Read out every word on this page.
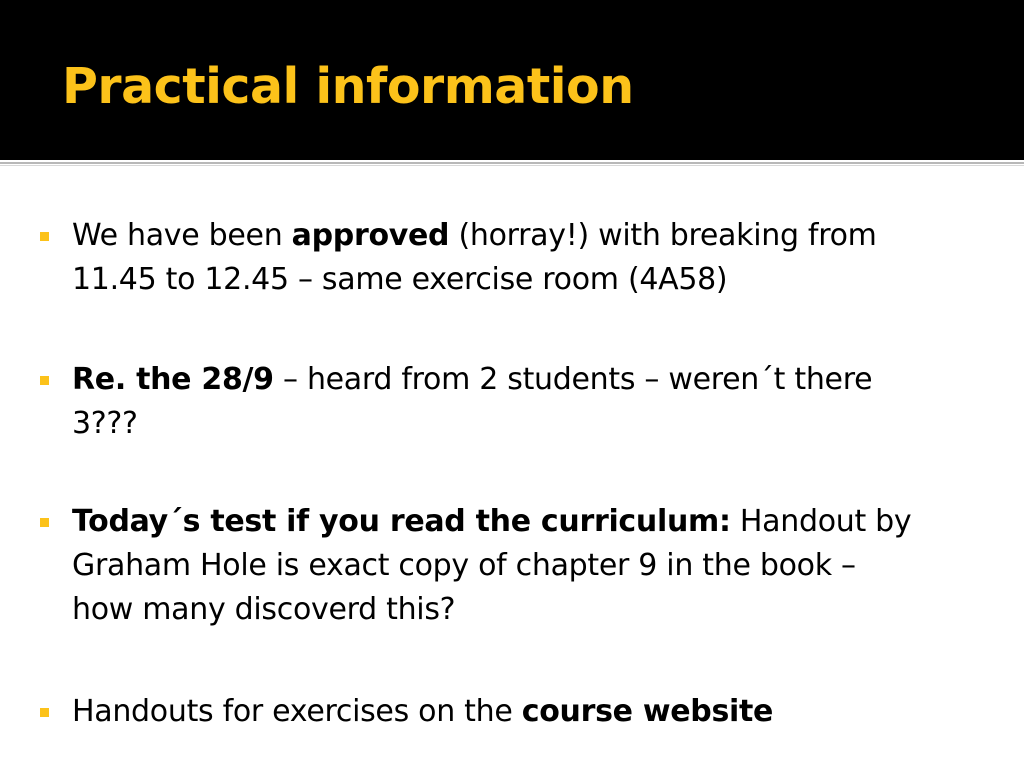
Practical information
We have been approved (horray!) with breaking from
11.45 to 12.45 – same exercise room (4A58)
Re. the 28/9 – heard from 2 students – weren´t there
3???
Today´s test if you read the curriculum: Handout by
Graham Hole is exact copy of chapter 9 in the book –
how many discoverd this?
Handouts for exercises on the course website
